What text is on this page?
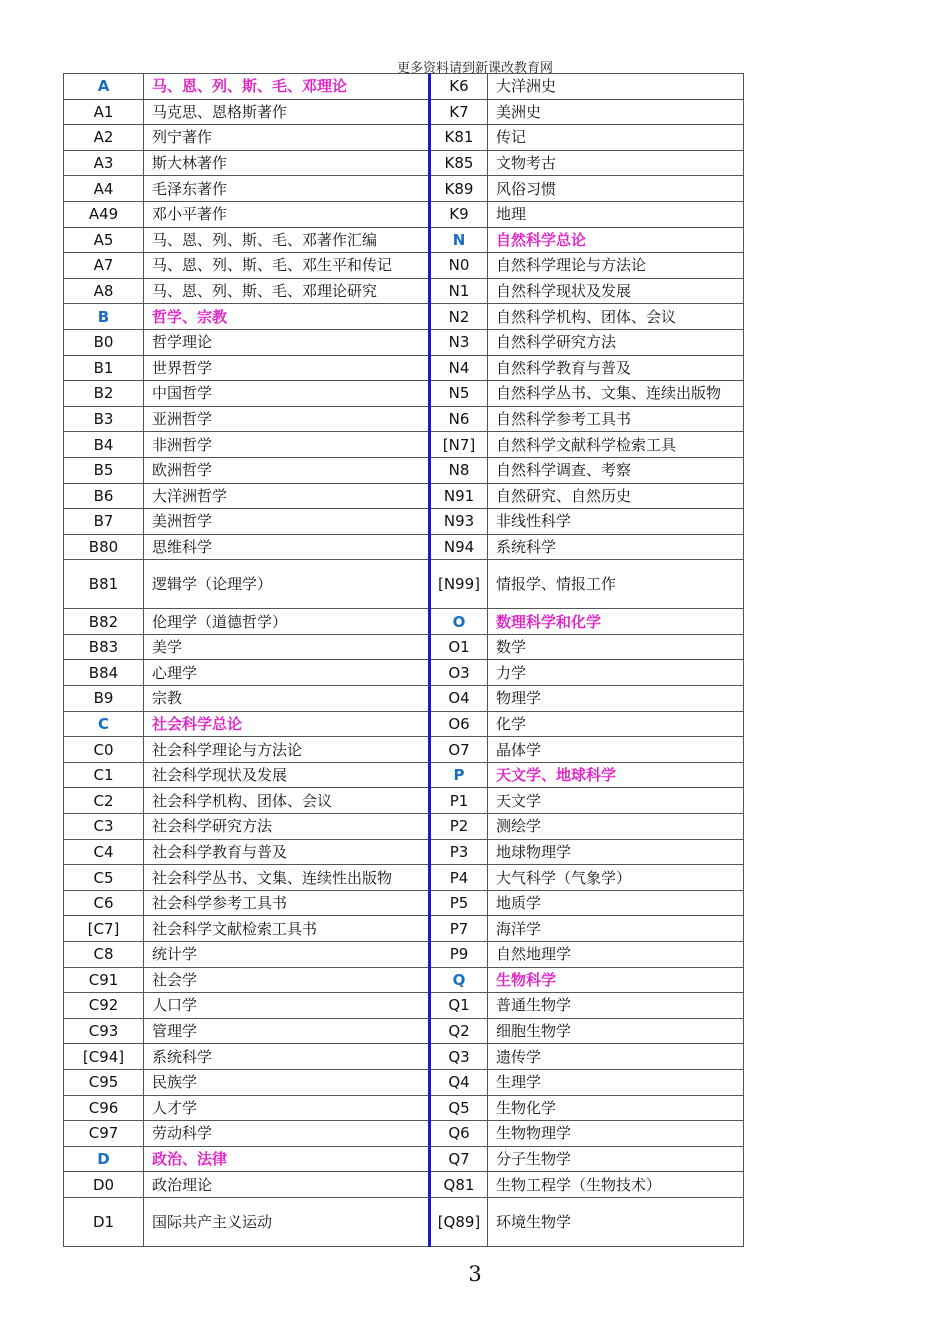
更多资料请到新课改教育网
A	马、恩、列、斯、毛、邓理论	K6	大洋洲史
A1	马克思、恩格斯著作	K7	美洲史
A2	列宁著作	K81	传记
A3	斯大林著作	K85	文物考古
A4	毛泽东著作	K89	风俗习惯
A49	邓小平著作	K9	地理
A5	马、恩、列、斯、毛、邓著作汇编	N	自然科学总论
A7	马、恩、列、斯、毛、邓生平和传记	N0	自然科学理论与方法论
A8	马、恩、列、斯、毛、邓理论研究	N1	自然科学现状及发展
B	哲学、宗教	N2	自然科学机构、团体、会议
B0	哲学理论	N3	自然科学研究方法
B1	世界哲学	N4	自然科学教育与普及
B2	中国哲学	N5	自然科学丛书、文集、连续出版物
B3	亚洲哲学	N6	自然科学参考工具书
B4	非洲哲学	[N7]	自然科学文献科学检索工具
B5	欧洲哲学	N8	自然科学调查、考察
B6	大洋洲哲学	N91	自然研究、自然历史
B7	美洲哲学	N93	非线性科学
B80	思维科学	N94	系统科学
B81	逻辑学（论理学）	[N99]	情报学、情报工作
B82	伦理学（道德哲学）	O	数理科学和化学
B83	美学	O1	数学
B84	心理学	O3	力学
B9	宗教	O4	物理学
C	社会科学总论	O6	化学
C0	社会科学理论与方法论	O7	晶体学
C1	社会科学现状及发展	P	天文学、地球科学
C2	社会科学机构、团体、会议	P1	天文学
C3	社会科学研究方法	P2	测绘学
C4	社会科学教育与普及	P3	地球物理学
C5	社会科学丛书、文集、连续性出版物	P4	大气科学（气象学）
C6	社会科学参考工具书	P5	地质学
[C7]	社会科学文献检索工具书	P7	海洋学
C8	统计学	P9	自然地理学
C91	社会学	Q	生物科学
C92	人口学	Q1	普通生物学
C93	管理学	Q2	细胞生物学
[C94]	系统科学	Q3	遗传学
C95	民族学	Q4	生理学
C96	人才学	Q5	生物化学
C97	劳动科学	Q6	生物物理学
D	政治、法律	Q7	分子生物学
D0	政治理论	Q81	生物工程学（生物技术）
D1	国际共产主义运动	[Q89]	环境生物学
3
